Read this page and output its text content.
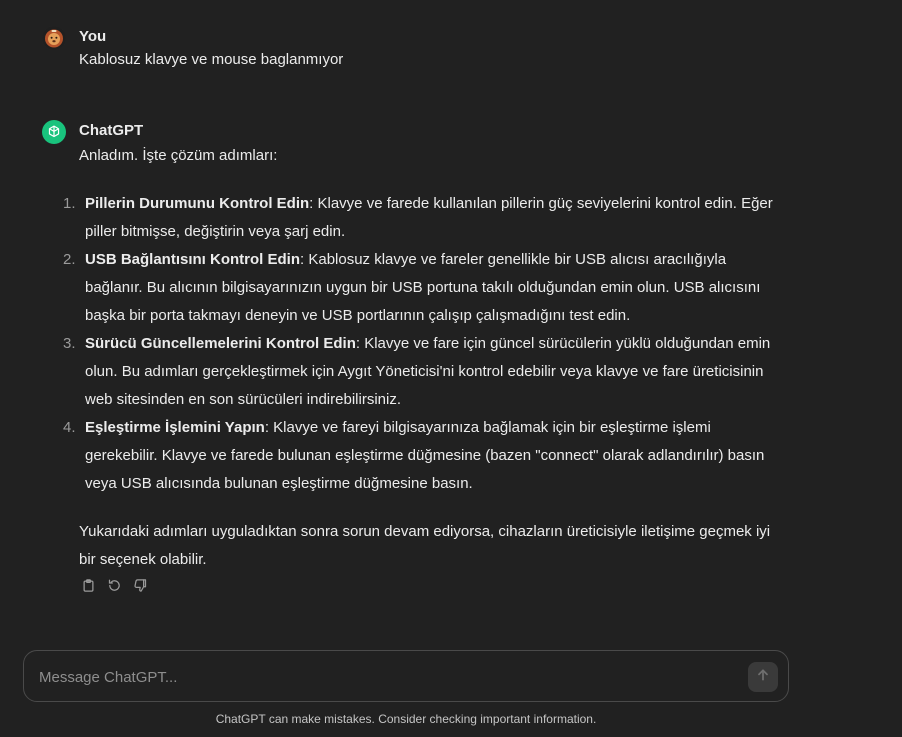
You
Kablosuz klavye ve mouse baglanmıyor
ChatGPT

Anladım. İşte çözüm adımları:

1. Pillerin Durumunu Kontrol Edin: Klavye ve farede kullanılan pillerin güç seviyelerini kontrol edin. Eğer piller bitmişse, değiştirin veya şarj edin.
2. USB Bağlantısını Kontrol Edin: Kablosuz klavye ve fareler genellikle bir USB alıcısı aracılığıyla bağlanır. Bu alıcının bilgisayarınızın uygun bir USB portuna takılı olduğundan emin olun. USB alıcısını başka bir porta takmayı deneyin ve USB portlarının çalışıp çalışmadığını test edin.
3. Sürücü Güncellemelerini Kontrol Edin: Klavye ve fare için güncel sürücülerin yüklü olduğundan emin olun. Bu adımları gerçekleştirmek için Aygıt Yöneticisi'ni kontrol edebilir veya klavye ve fare üreticisinin web sitesinden en son sürücüleri indirebilirsiniz.
4. Eşleştirme İşlemini Yapın: Klavye ve fareyi bilgisayarınıza bağlamak için bir eşleştirme işlemi gerekebilir. Klavye ve farede bulunan eşleştirme düğmesine (bazen "connect" olarak adlandırılır) basın veya USB alıcısında bulunan eşleştirme düğmesine basın.

Yukarıdaki adımları uyguladıktan sonra sorun devam ediyorsa, cihazların üreticisiyle iletişime geçmek iyi bir seçenek olabilir.

Message ChatGPT...
ChatGPT can make mistakes. Consider checking important information.
